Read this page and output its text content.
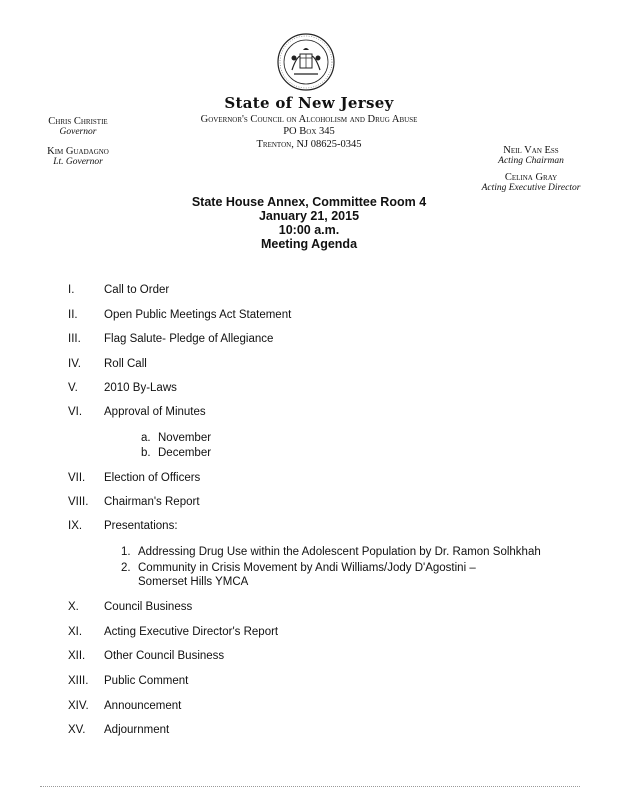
State of New Jersey
Governor's Council on Alcoholism and Drug Abuse
PO Box 345
Trenton, NJ 08625-0345
Chris Christie
Governor
Kim Guadagno
Lt. Governor
Neil Van Ess
Acting Chairman
Celina Gray
Acting Executive Director
State House Annex, Committee Room 4
January 21, 2015
10:00 a.m.
Meeting Agenda
I.	Call to Order
II. Open Public Meetings Act Statement
III. Flag Salute- Pledge of Allegiance
IV. Roll Call
V. 2010 By-Laws
VI. Approval of Minutes
a. November
b. December
VII. Election of Officers
VIII. Chairman's Report
IX. Presentations:
1. Addressing Drug Use within the Adolescent Population by Dr. Ramon Solhkhah
2. Community in Crisis Movement by Andi Williams/Jody D'Agostini –
Somerset Hills YMCA
X. Council Business
XI. Acting Executive Director's Report
XII. Other Council Business
XIII. Public Comment
XIV. Announcement
XV. Adjournment
